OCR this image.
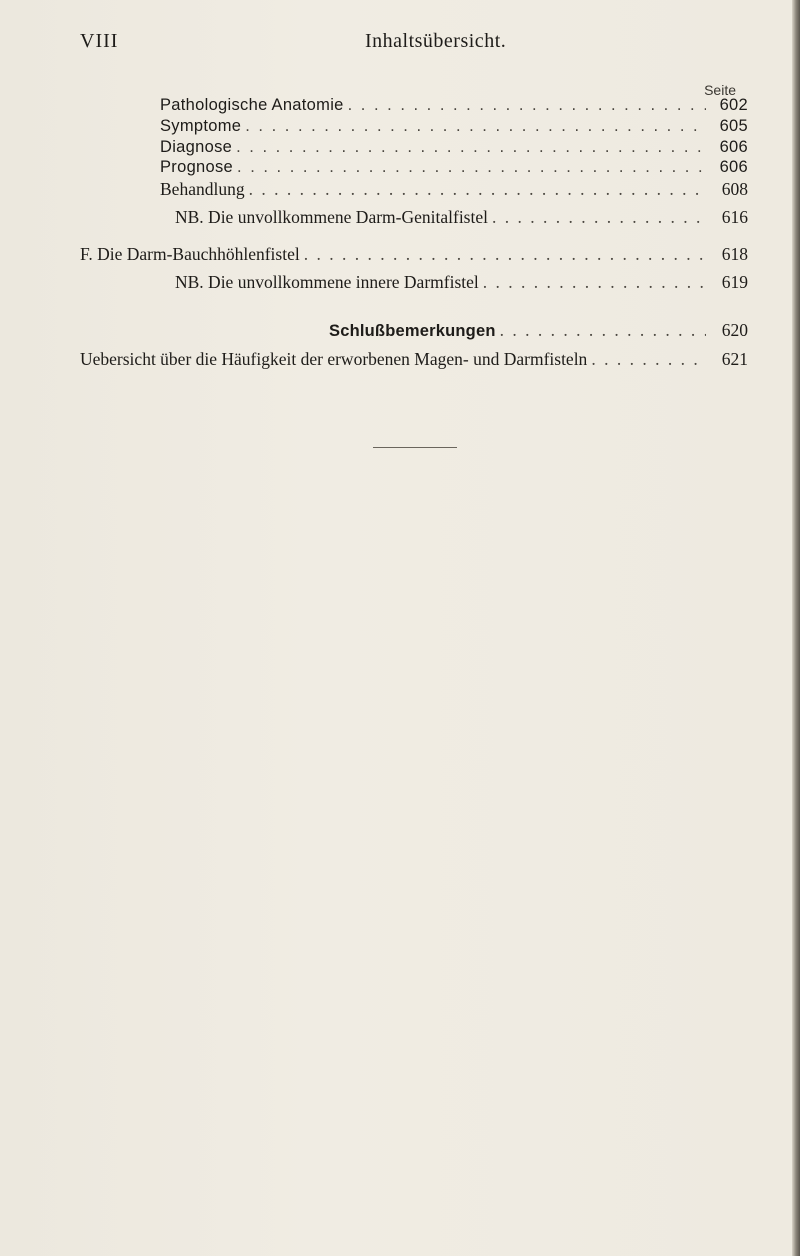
VIII	Inhaltsübersicht.
Seite
Pathologische Anatomie . . .	602
Symptome . . .	605
Diagnose . . .	606
Prognose . . .	606
Behandlung . . .	608
NB. Die unvollkommene Darm-Genitalfistel . . .	616
F. Die Darm-Bauchhöhlenfistel . . .	618
NB. Die unvollkommene innere Darmfistel . . .	619
Schlußbemerkungen . . .	620
Uebersicht über die Häufigkeit der erworbenen Magen- und Darmfisteln . . .	621
